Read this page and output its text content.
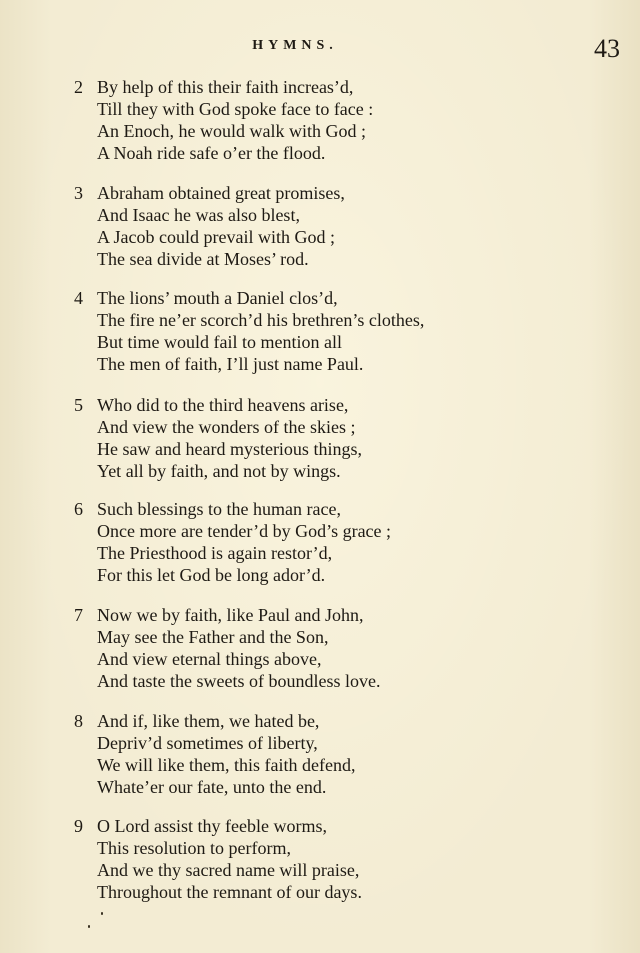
HYMNS.	43
2 By help of this their faith increas’d,
Till they with God spoke face to face :
An Enoch, he would walk with God ;
A Noah ride safe o’er the flood.
3 Abraham obtained great promises,
And Isaac he was also blest,
A Jacob could prevail with God ;
The sea divide at Moses’ rod.
4 The lions’ mouth a Daniel clos’d,
The fire ne’er scorch’d his brethren’s clothes,
But time would fail to mention all
The men of faith, I’ll just name Paul.
5 Who did to the third heavens arise,
And view the wonders of the skies ;
He saw and heard mysterious things,
Yet all by faith, and not by wings.
6 Such blessings to the human race,
Once more are tender’d by God’s grace ;
The Priesthood is again restor’d,
For this let God be long ador’d.
7 Now we by faith, like Paul and John,
May see the Father and the Son,
And view eternal things above,
And taste the sweets of boundless love.
8 And if, like them, we hated be,
Depriv’d sometimes of liberty,
We will like them, this faith defend,
Whate’er our fate, unto the end.
9 O Lord assist thy feeble worms,
This resolution to perform,
And we thy sacred name will praise,
Throughout the remnant of our days.
